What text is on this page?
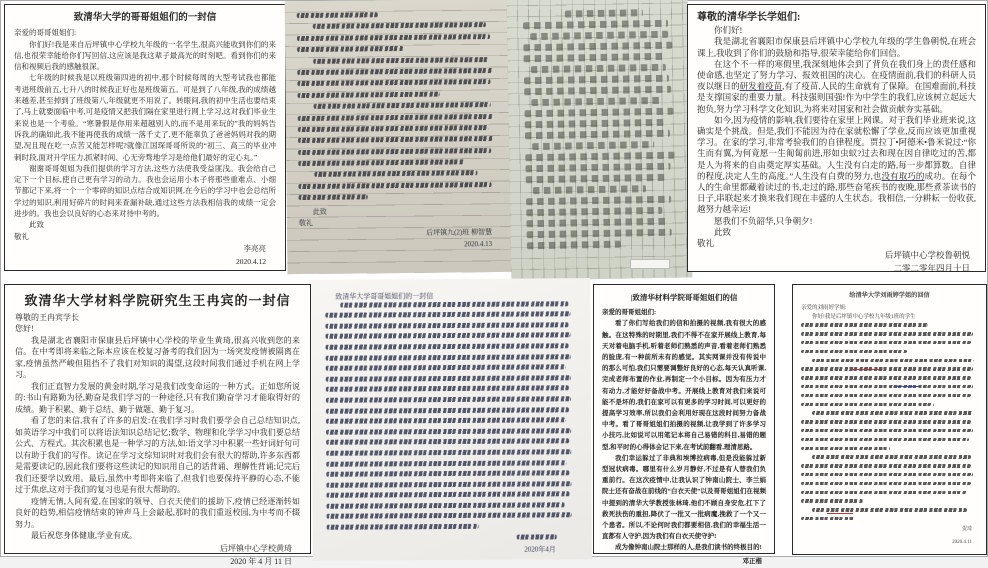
致清华大学的哥哥姐姐们的一封信

亲爱的哥哥姐姐们:

你们好!我是来自后坪镇中心学校九年级的一名学生,很高兴能收到你们的来信,也很荣幸能给你们写回信,这应该是我这辈子最高光的时刻吧。看到你们的来信和视频后我的感触很深。

七年级的时候我是以班级第四进的初中,那个时候每周的大型考试我也都能考进班级前五,七升八的时候我正好也是班级第五。可是到了八年级,我的成绩越来越差,甚至掉到了班级第八,年级就更不用说了。转眼间,我的初中生活也要结束了,马上就要面临中考,可是疫情又把我们隔在家里进行网上学习,这对我们毕业生来说也是一个考验。“寒暑假是你用来超越别人的,而不是用来玩的”我的妈妈告诉我,的确如此,我不能再使我的成绩一落千丈了,更不能辜负了爸爸妈妈对我的期望,况且现在吃一点苦又能怎样呢?就像江国琛哥哥所说的“初三、高三的毕业冲刺时段,面对升学压力,抓紧时间、心无旁骛地学习是给他们最好的定心丸。”

谢谢哥哥姐姐为我们提供的学习方法,这些方法使我受益匪浅。我会给自己定下一个目标,使自己更有学习的动力。我也会运用小本子将那些重难点、小细节都记下来,将一个一个零碎的知识点结合成知识网,在今后的学习中也会总结所学过的知识,利用好碎片的时间来查漏补缺,通过这些方法我相信我的成绩一定会进步的。我也会以良好的心态来对待中考的。

此致

敬礼

李亮亮

2020.4.12

此致

敬礼

后坪镇九(2)班 柳智慧

2020.4.13

尊敬的清华学长学姐们:

你们好!

我是湖北省襄阳市保康县后坪镇中心学校九年级的学生鲁朝悦,在班会课上,我收到了你们的鼓励和指导,很荣幸能给你们回信。

在这个不一样的寒假里,我深刻地体会到了背负在我们身上的责任感和使命感,也坚定了努力学习、报效祖国的决心。在疫情面前,我们的科研人员夜以继日的研发着疫苗,有了疫苗,人民的生命就有了保障。在国难面前,科技是支撑国家的重要力量。科技强则国强!作为中学生的我们,应该树立起远大抱负,努力学习科学文化知识,为将来对国家和社会做贡献夯实基础。

如今,因为疫情的影响,我们要待在家里上网课。对于我们毕业班来说,这确实是个挑战。但是,我们不能因为待在家就松懈了学业,反而应该更加重视学习。在家的学习,非常考验我们的自律程度。贾拉丁•阿德米•鲁米说过:“你生而有翼,为何竟愿一生匍匐前进,形如虫蚁?过去和现在因自律吃过的苦,都是人为将来的自由奠定厚实基础。人生没有白走的路,每一步都算数。自律的程度,决定人生的高度。”人生没有白费的努力,也没有取巧的成功。在每个人的生命里都藏着读过的书,走过的路,那些奋笔疾书的夜晚,那些煮茶读书的日子,串联起来才换来我们现在丰盛的人生状态。我相信,一分耕耘一份收获,越努力越幸运!

愿我们不负韶华,只争朝夕!

此致

敬礼

后坪镇中心学校鲁朝悦

二零二零年四月十日

致清华大学材料学院研究生王冉宾的一封信

尊敬的王冉宾学长

您好!

我是湖北省襄阳市保康县后坪镇中心学校的毕业生黄琦,很高兴收到您的来信。在中考即将来临之际本应该在校复习备考的我们因为一场突发疫情被隔离在家,疫情虽然严峻但阻挡不了我们对知识的渴望,这段时间我们通过手机在网上学习。

我们正直智力发展的黄金时期,学习是我们改变命运的一种方式。正如您所说的:书山有路勤为径,勤奋是我们学习的一种途径,只有我们勤奋学习才能取得好的成绩。勤于积累、勤于总结、勤于做题、勤于复习。

看了您的来信,我有了许多的启发:在我们学习时我们要学会自己总结知识点,如英语学习中我们可以将语法知识总结记忆;数学、物理和化学学习中我们要总结公式、方程式。其次积累也是一种学习的方法,如:语文学习中积累一些好词好句可以有助于我们的写作。读记在学习文综知识时对我们会有很大的帮助,许多东西都是需要读记的,因此我们要将这些读记的知识用自己的话背诵、理解性背诵;记完后我们还要学以致用。最后,虽然中考即将来临了,但我们也要保持平静的心态,不能过于焦虑,这对于我们的复习也是有很大帮助的。

疫情无情,人间有爱,在国家的领导、白衣天使们的援助下,疫情已经逐渐转如良好的趋势,相信疫情结束的钟声马上会敲起,那时的我们重返校园,为中考而不辍努力。

最后祝您身体健康,学业有成。

后坪镇中心学校黄琦

2020 年 4 月 11 日

致清华大学哥哥姐姐们的一封信

2020年4月

|致清华材料学院哥哥姐姐们的信

亲爱的哥哥姐姐们:

看了你们写给我们的信和拍摄的视频,我有很大的感触。在这特殊的时期里,我们不得不在家开展线上教育,每天对着电脑手机,听着老师们熟悉的声音,看着老师们熟悉的脸庞,有一种前所未有的感觉。其实网课并没有传说中的那么可怕,我们只需要调整好良好的心态,每天认真听课,完成老师布置的作业,再制定一个小目标。因为有压力才有动力,才能好好备战中考。开展线上教育对我们来说可能不是坏的,我们在家可以有更多的学习时间,可以更好的提高学习效率,所以我们会利用好现在这段时间努力备战中考。看了哥哥姐姐们拍摄的视频,让我学到了许多学习小技巧,比如说可以用笔记本将自己易错的科目,易错的题型,和平时的心得体会记下来,在考试前翻看,理清思路。

我们幸运躲过了非典和埃博拉病毒,但是没能躲过新型冠状病毒。哪里有什么岁月静好,不过是有人替我们负重前行。在这次疫情中,让我认识了钟南山院士、李兰娟院士还有奋战在前线的“白衣天使”以及哥哥姐姐们在视频中提到的清华大学教授张林琦,他们不顾自身安危,扛下了救死扶伤的重担,降伏了一批又一批病魔,挽救了一个又一个患者。所以,不论何时我们都要相信,我们的幸福生活一直都有人守护,因为我们有白衣天使守护!

成为像钟南山院士那样的人,是我们读书的终极目的!

邓正楷

给清华大学刘雨婷学姐的回信

亲爱的刘雨婷学姐:

你好!我是后坪镇中心学校九年级1班的学生

贺琦

2020.4.11
